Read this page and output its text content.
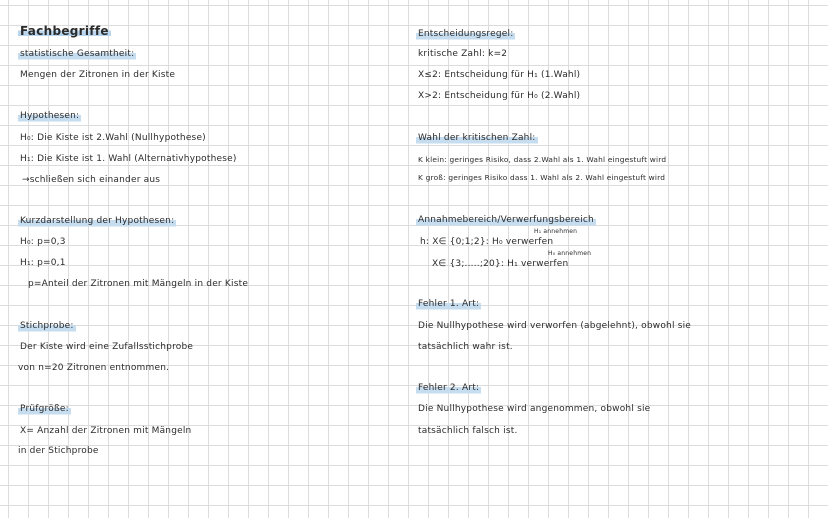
Fachbegriffe
statistische Gesamtheit:
Mengen der Zitronen in der Kiste
Hypothesen:
H₀: Die Kiste ist 2.Wahl (Nullhypothese)
H₁: Die Kiste ist 1. Wahl (Alternativhypothese)
→schließen sich einander aus
Kurzdarstellung der Hypothesen:
H₀: p=0,3
H₁: p=0,1
p=Anteil der Zitronen mit Mängeln in der Kiste
Stichprobe:
Der Kiste wird eine Zufallsstichprobe
von n=20 Zitronen entnommen.
Prüfgröße:
X= Anzahl der Zitronen mit Mängeln
in der Stichprobe
Entscheidungsregel:
kritische Zahl: k=2
X≤2: Entscheidung für H₁ (1.Wahl)
X>2: Entscheidung für H₀ (2.Wahl)
Wahl der kritischen Zahl:
K klein: geringes Risiko, dass 2.Wahl als 1. Wahl eingestuft wird
K groß: geringes Risiko dass 1. Wahl als 2. Wahl eingestuft wird
Annahmebereich/Verwerfungsbereich
H₁ annehmen
h: X∈ {0;1;2}: H₀ verwerfen
H₀ annehmen
X∈ {3;.....;20}: H₁ verwerfen
Fehler 1. Art:
Die Nullhypothese wird verworfen (abgelehnt), obwohl sie
tatsächlich wahr ist.
Fehler 2. Art:
Die Nullhypothese wird angenommen, obwohl sie
tatsächlich falsch ist.
